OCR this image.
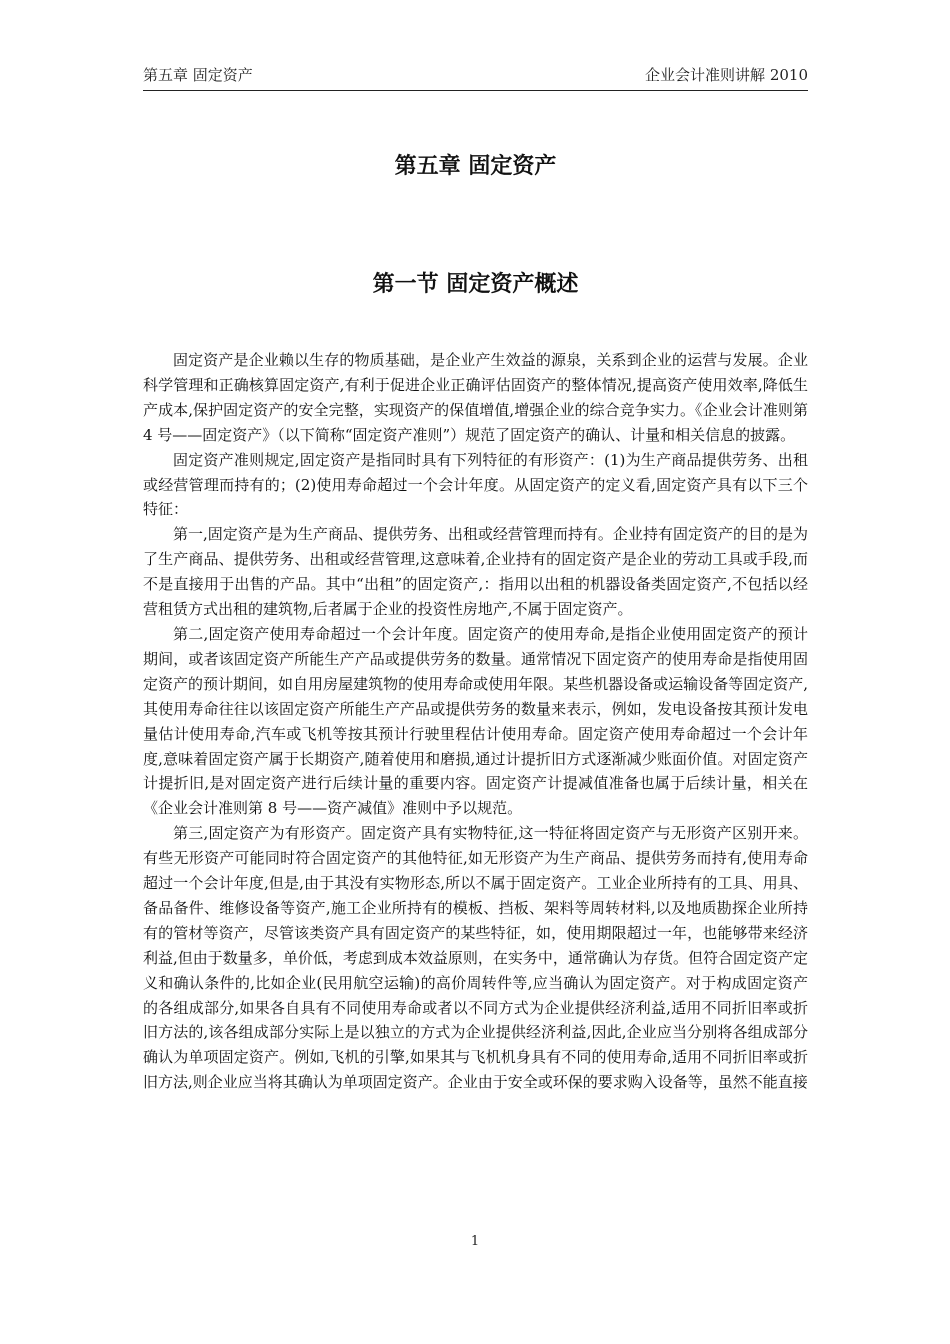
第五章 固定资产	企业会计准则讲解 2010
第五章 固定资产
第一节 固定资产概述

固定资产是企业赖以生存的物质基础，是企业产生效益的源泉，关系到企业的运营与发展。企业科学管理和正确核算固定资产,有利于促进企业正确评估固资产的整体情况,提高资产使用效率,降低生产成本,保护固定资产的安全完整，实现资产的保值增值,增强企业的综合竞争实力。《企业会计准则第 4 号——固定资产》（以下简称“固定资产准则”）规范了固定资产的确认、计量和相关信息的披露。

固定资产准则规定,固定资产是指同时具有下列特征的有形资产：(1)为生产商品提供劳务、出租或经营管理而持有的；(2)使用寿命超过一个会计年度。从固定资产的定义看,固定资产具有以下三个特征：

第一,固定资产是为生产商品、提供劳务、出租或经营管理而持有。企业持有固定资产的目的是为了生产商品、提供劳务、出租或经营管理,这意味着,企业持有的固定资产是企业的劳动工具或手段,而不是直接用于出售的产品。其中“出租”的固定资产,：指用以出租的机器设备类固定资产,不包括以经营租赁方式出租的建筑物,后者属于企业的投资性房地产,不属于固定资产。

第二,固定资产使用寿命超过一个会计年度。固定资产的使用寿命,是指企业使用固定资产的预计期间，或者该固定资产所能生产产品或提供劳务的数量。通常情况下固定资产的使用寿命是指使用固定资产的预计期间，如自用房屋建筑物的使用寿命或使用年限。某些机器设备或运输设备等固定资产,其使用寿命往往以该固定资产所能生产产品或提供劳务的数量来表示，例如，发电设备按其预计发电量估计使用寿命,汽车或飞机等按其预计行驶里程估计使用寿命。固定资产使用寿命超过一个会计年度,意味着固定资产属于长期资产,随着使用和磨损,通过计提折旧方式逐渐减少账面价值。对固定资产计提折旧,是对固定资产进行后续计量的重要内容。固定资产计提减值准备也属于后续计量，相关在《企业会计准则第 8 号——资产减值》准则中予以规范。

第三,固定资产为有形资产。固定资产具有实物特征,这一特征将固定资产与无形资产区别开来。有些无形资产可能同时符合固定资产的其他特征,如无形资产为生产商品、提供劳务而持有,使用寿命超过一个会计年度,但是,由于其没有实物形态,所以不属于固定资产。工业企业所持有的工具、用具、备品备件、维修设备等资产,施工企业所持有的模板、挡板、架料等周转材料,以及地质勘探企业所持有的管材等资产，尽管该类资产具有固定资产的某些特征，如，使用期限超过一年，也能够带来经济利益,但由于数量多，单价低，考虑到成本效益原则，在实务中，通常确认为存货。但符合固定资产定义和确认条件的,比如企业(民用航空运输)的高价周转件等,应当确认为固定资产。对于构成固定资产的各组成部分,如果各自具有不同使用寿命或者以不同方式为企业提供经济利益,适用不同折旧率或折旧方法的,该各组成部分实际上是以独立的方式为企业提供经济利益,因此,企业应当分别将各组成部分确认为单项固定资产。例如,飞机的引擎,如果其与飞机机身具有不同的使用寿命,适用不同折旧率或折旧方法,则企业应当将其确认为单项固定资产。企业由于安全或环保的要求购入设备等，虽然不能直接

1
